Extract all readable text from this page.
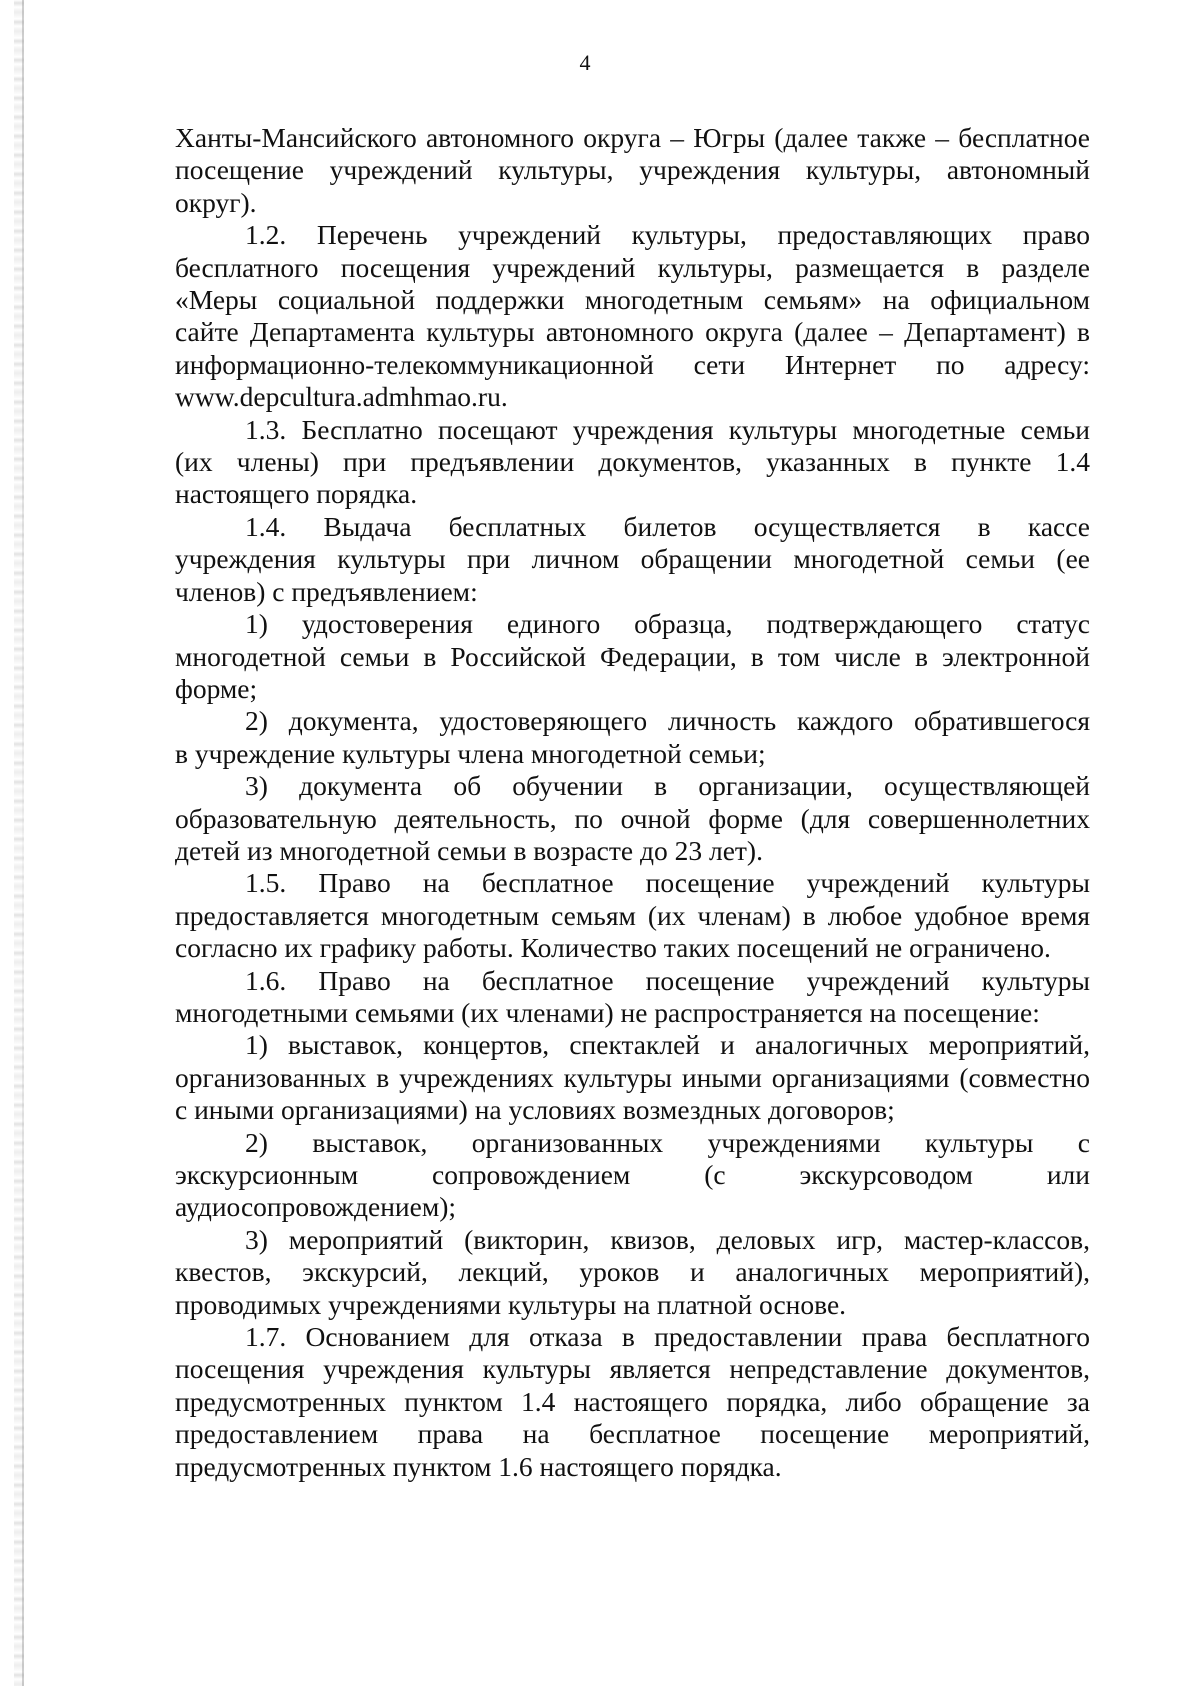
4
Ханты-Мансийского автономного округа – Югры (далее также – бесплатное
посещение учреждений культуры, учреждения культуры, автономный
округ).
1.2. Перечень учреждений культуры, предоставляющих право
бесплатного посещения учреждений культуры, размещается в разделе
«Меры социальной поддержки многодетным семьям» на официальном
сайте Департамента культуры автономного округа (далее – Департамент) в
информационно-телекоммуникационной сети Интернет по адресу:
www.depcultura.admhmao.ru.
1.3. Бесплатно посещают учреждения культуры многодетные семьи
(их члены) при предъявлении документов, указанных в пункте 1.4
настоящего порядка.
1.4. Выдача бесплатных билетов осуществляется в кассе
учреждения культуры при личном обращении многодетной семьи (ее
членов) с предъявлением:
1) удостоверения единого образца, подтверждающего статус
многодетной семьи в Российской Федерации, в том числе в электронной
форме;
2) документа, удостоверяющего личность каждого обратившегося
в учреждение культуры члена многодетной семьи;
3) документа об обучении в организации, осуществляющей
образовательную деятельность, по очной форме (для совершеннолетних
детей из многодетной семьи в возрасте до 23 лет).
1.5. Право на бесплатное посещение учреждений культуры
предоставляется многодетным семьям (их членам) в любое удобное время
согласно их графику работы. Количество таких посещений не ограничено.
1.6. Право на бесплатное посещение учреждений культуры
многодетными семьями (их членами) не распространяется на посещение:
1) выставок, концертов, спектаклей и аналогичных мероприятий,
организованных в учреждениях культуры иными организациями (совместно
с иными организациями) на условиях возмездных договоров;
2) выставок, организованных учреждениями культуры с
экскурсионным сопровождением (с экскурсоводом или
аудиосопровождением);
3) мероприятий (викторин, квизов, деловых игр, мастер-классов,
квестов, экскурсий, лекций, уроков и аналогичных мероприятий),
проводимых учреждениями культуры на платной основе.
1.7. Основанием для отказа в предоставлении права бесплатного
посещения учреждения культуры является непредставление документов,
предусмотренных пунктом 1.4 настоящего порядка, либо обращение за
предоставлением права на бесплатное посещение мероприятий,
предусмотренных пунктом 1.6 настоящего порядка.
